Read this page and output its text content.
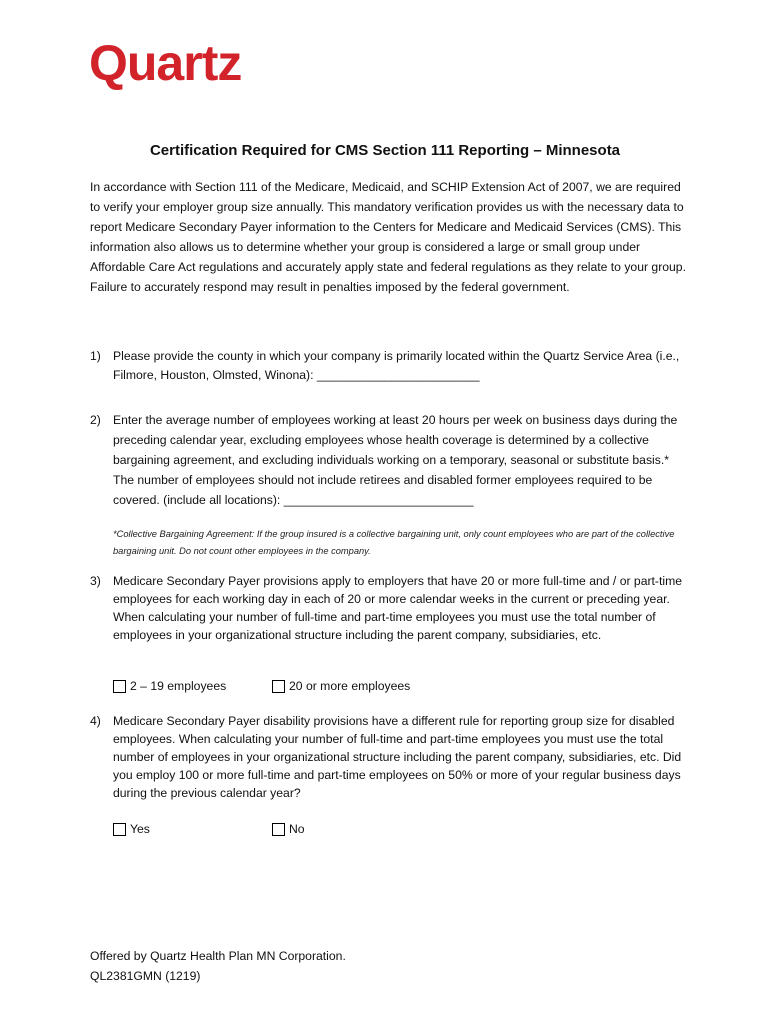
Quartz
Certification Required for CMS Section 111 Reporting – Minnesota
In accordance with Section 111 of the Medicare, Medicaid, and SCHIP Extension Act of 2007, we are required to verify your employer group size annually. This mandatory verification provides us with the necessary data to report Medicare Secondary Payer information to the Centers for Medicare and Medicaid Services (CMS). This information also allows us to determine whether your group is considered a large or small group under Affordable Care Act regulations and accurately apply state and federal regulations as they relate to your group. Failure to accurately respond may result in penalties imposed by the federal government.
1) Please provide the county in which your company is primarily located within the Quartz Service Area (i.e., Filmore, Houston, Olmsted, Winona): ________________________
2) Enter the average number of employees working at least 20 hours per week on business days during the preceding calendar year, excluding employees whose health coverage is determined by a collective bargaining agreement, and excluding individuals working on a temporary, seasonal or substitute basis.* The number of employees should not include retirees and disabled former employees required to be covered. (include all locations): ____________________________
*Collective Bargaining Agreement: If the group insured is a collective bargaining unit, only count employees who are part of the collective bargaining unit. Do not count other employees in the company.
3) Medicare Secondary Payer provisions apply to employers that have 20 or more full-time and / or part-time employees for each working day in each of 20 or more calendar weeks in the current or preceding year. When calculating your number of full-time and part-time employees you must use the total number of employees in your organizational structure including the parent company, subsidiaries, etc.
2 – 19 employees	20 or more employees
4) Medicare Secondary Payer disability provisions have a different rule for reporting group size for disabled employees. When calculating your number of full-time and part-time employees you must use the total number of employees in your organizational structure including the parent company, subsidiaries, etc. Did you employ 100 or more full-time and part-time employees on 50% or more of your regular business days during the previous calendar year?
Yes	No
Offered by Quartz Health Plan MN Corporation.
QL2381GMN (1219)
